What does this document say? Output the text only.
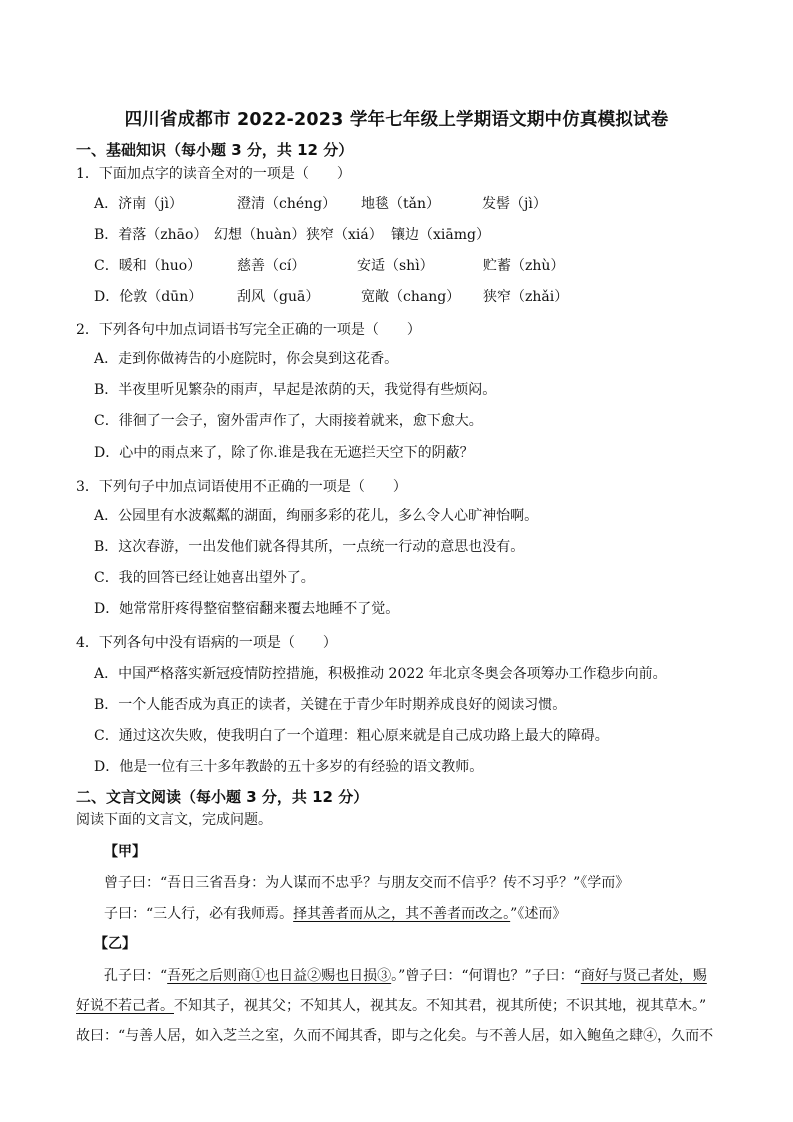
四川省成都市 2022-2023 学年七年级上学期语文期中仿真模拟试卷
一、基础知识（每小题 3 分，共 12 分）
1．下面加点字的读音全对的一项是（　　）
A．济南（jì）	澄清（chéng） 地毯（tǎn）	发髻（jì）
B．着落（zhāo） 幻想（huàn） 狭窄（xiá） 镶边（xiāmg）
C．暖和（huo）	慈善（cí）	安适（shì）	贮蓄（zhù）
D．伦敦（dūn） 刮风（guā）	宽敞（chang） 狭窄（zhǎi）
2．下列各句中加点词语书写完全正确的一项是（　　）
A．走到你做祷告的小庭院时，你会臭到这花香。
B．半夜里听见繁杂的雨声，早起是浓荫的天，我觉得有些烦闷。
C．徘徊了一会子，窗外雷声作了，大雨接着就来，愈下愈大。
D．心中的雨点来了，除了你.谁是我在无遮拦天空下的阴蔽？
3．下列句子中加点词语使用不正确的一项是（　　）
A．公园里有水波粼粼的湖面，绚丽多彩的花儿，多么令人心旷神怡啊。
B．这次春游，一出发他们就各得其所，一点统一行动的意思也没有。
C．我的回答已经让她喜出望外了。
D．她常常肝疼得整宿整宿翻来覆去地睡不了觉。
4．下列各句中没有语病的一项是（　　）
A．中国严格落实新冠疫情防控措施，积极推动 2022 年北京冬奥会各项筹办工作稳步向前。
B．一个人能否成为真正的读者，关键在于青少年时期养成良好的阅读习惯。
C．通过这次失败，使我明白了一个道理：粗心原来就是自己成功路上最大的障碍。
D．他是一位有三十多年教龄的五十多岁的有经验的语文教师。
二、文言文阅读（每小题 3 分，共 12 分）
阅读下面的文言文，完成问题。
【甲】
曾子曰：“吾日三省吾身：为人谋而不忠乎？与朋友交而不信乎？传不习乎？”《学而》
子曰：“三人行，必有我师焉。择其善者而从之，其不善者而改之。”《述而》
【乙】
孔子曰：“吾死之后则商①也日益②赐也日损③。”曾子曰：“何谓也？”子曰：“商好与贤己者处，赐
好说不若己者。不知其子，视其父；不知其人，视其友。不知其君，视其所使；不识其地，视其草木。”
故曰：“与善人居，如入芝兰之室，久而不闻其香，即与之化矣。与不善人居，如入鲍鱼之肆④，久而不
